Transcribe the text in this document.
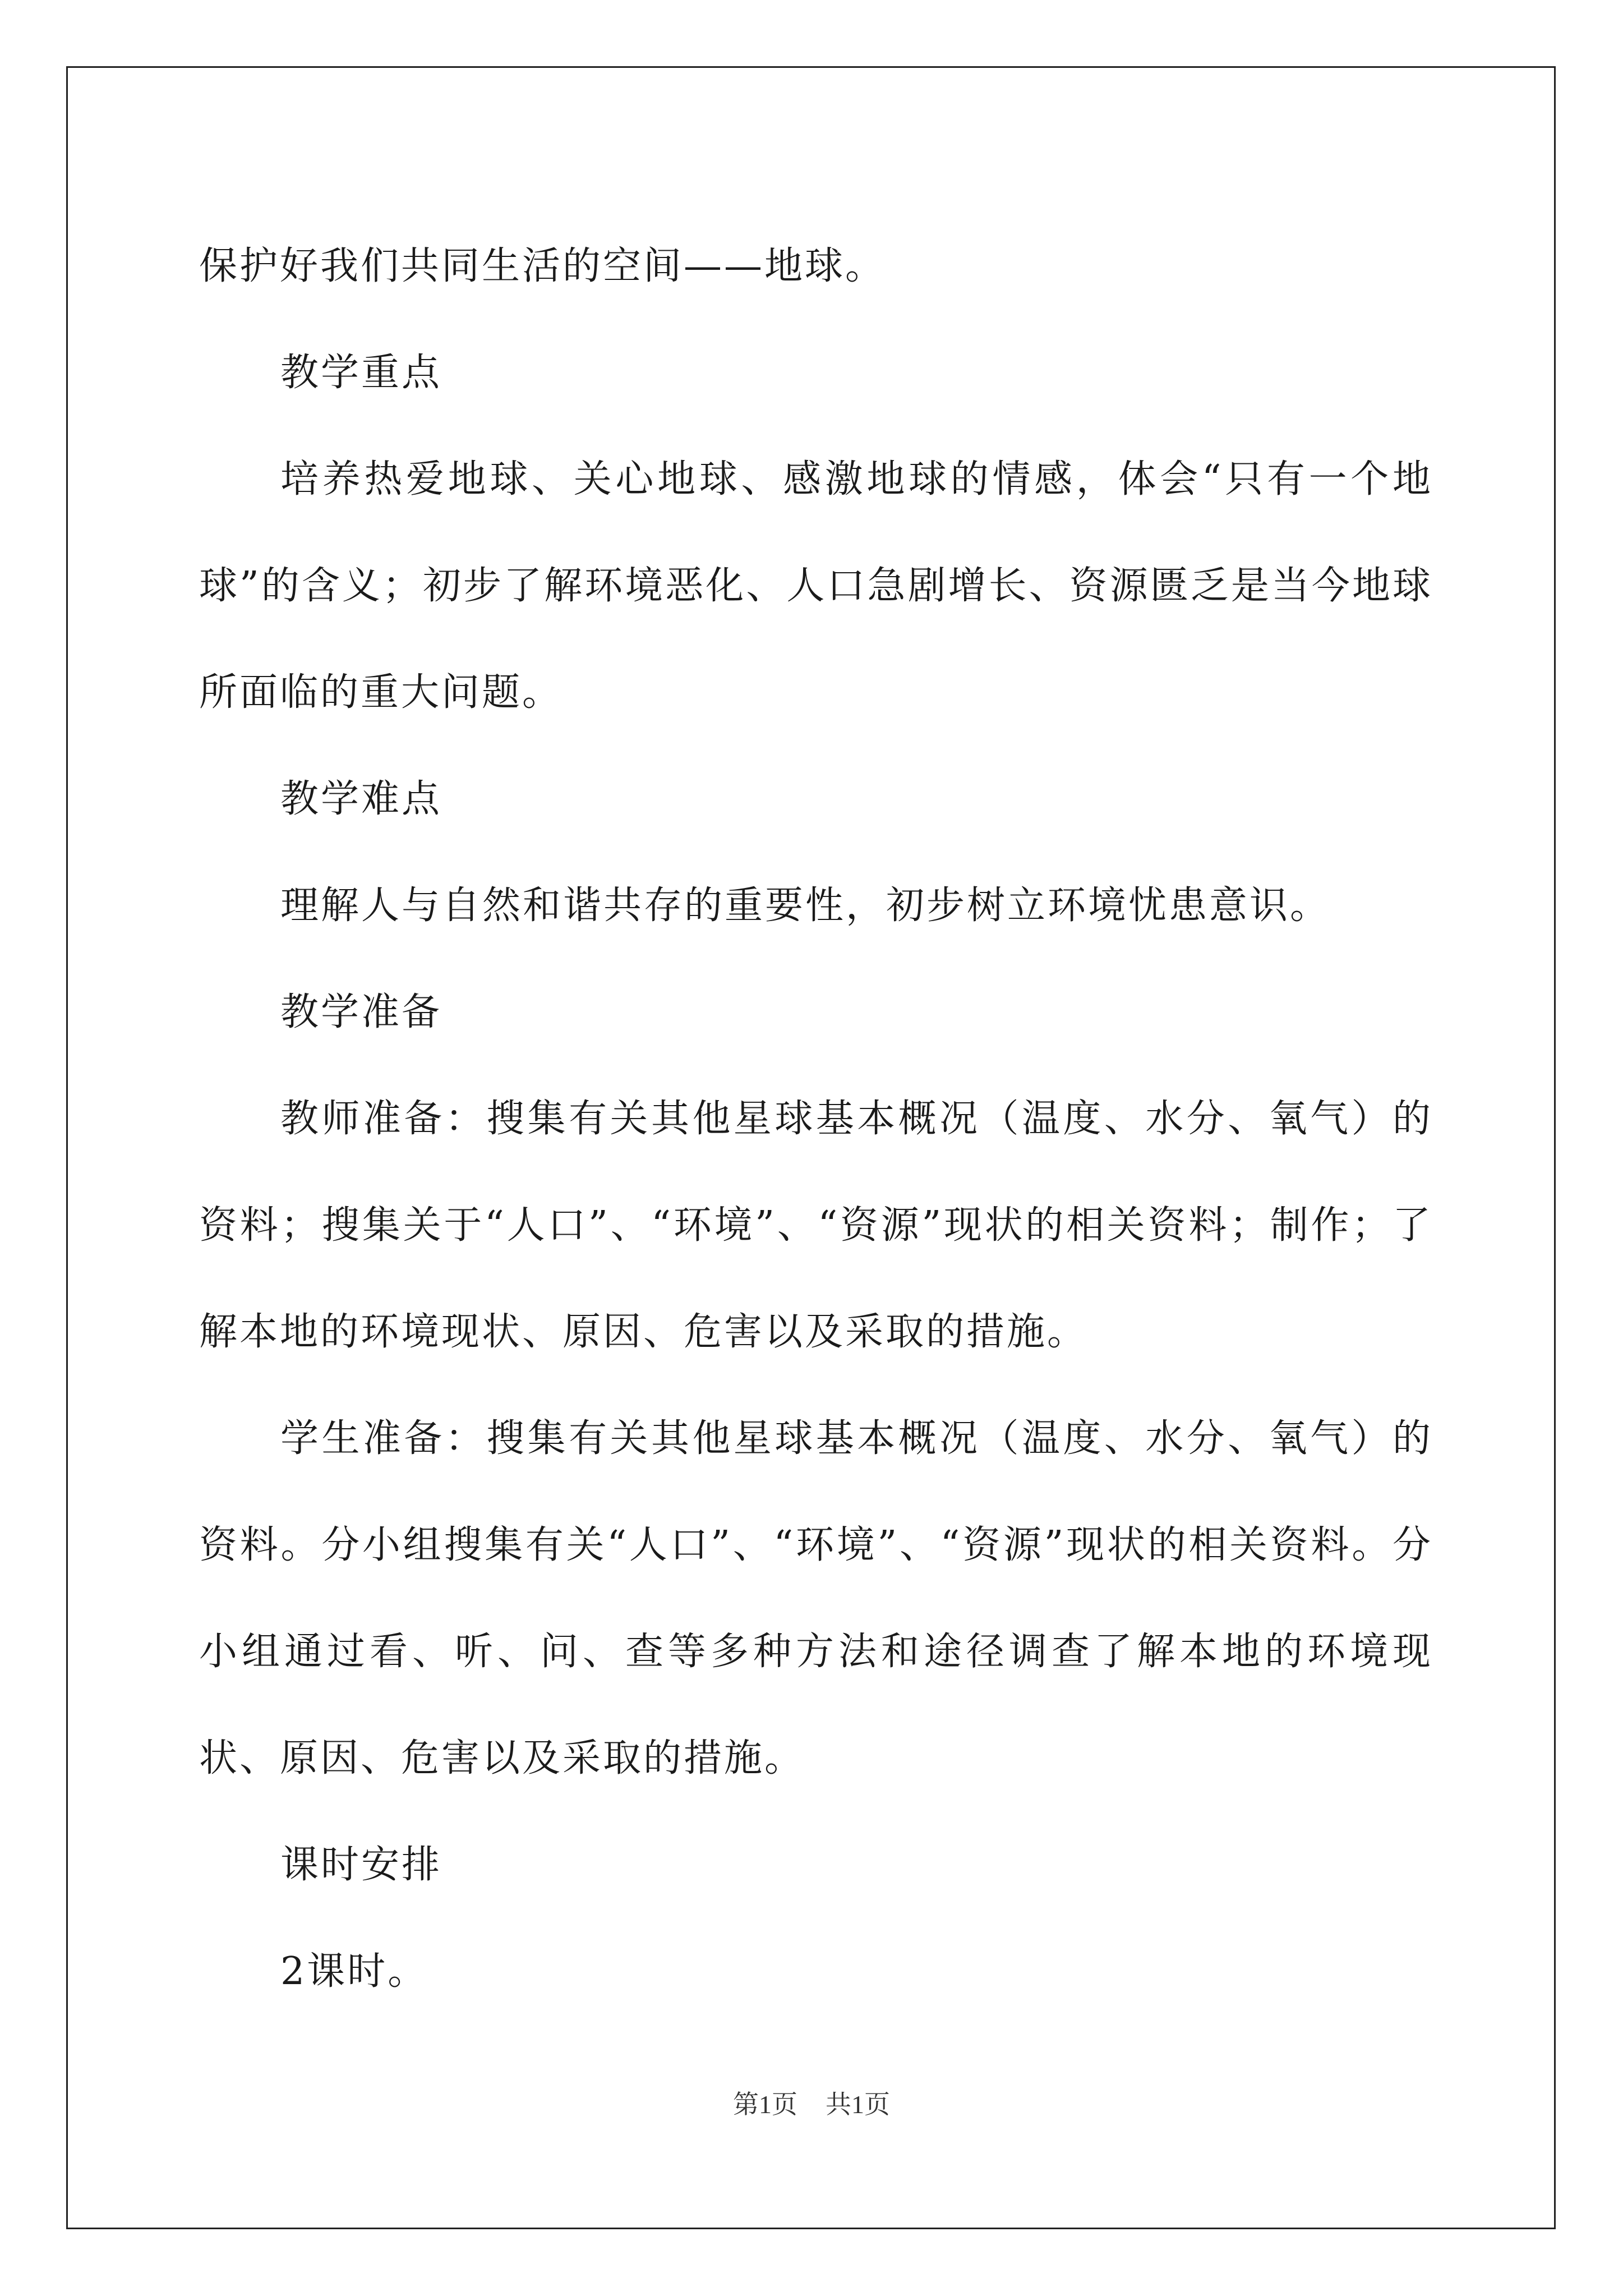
保护好我们共同生活的空间——地球。

教学重点

培养热爱地球、关心地球、感激地球的情感，体会“只有一个地球”的含义；初步了解环境恶化、人口急剧增长、资源匮乏是当今地球所面临的重大问题。

教学难点

理解人与自然和谐共存的重要性，初步树立环境忧患意识。

教学准备

教师准备：搜集有关其他星球基本概况（温度、水分、氧气）的资料；搜集关于“人口”、“环境”、“资源”现状的相关资料；制作；了解本地的环境现状、原因、危害以及采取的措施。

学生准备：搜集有关其他星球基本概况（温度、水分、氧气）的资料。分小组搜集有关“人口”、“环境”、“资源”现状的相关资料。分小组通过看、听、问、查等多种方法和途径调查了解本地的环境现状、原因、危害以及采取的措施。

课时安排

2课时。

第1页 共1页
